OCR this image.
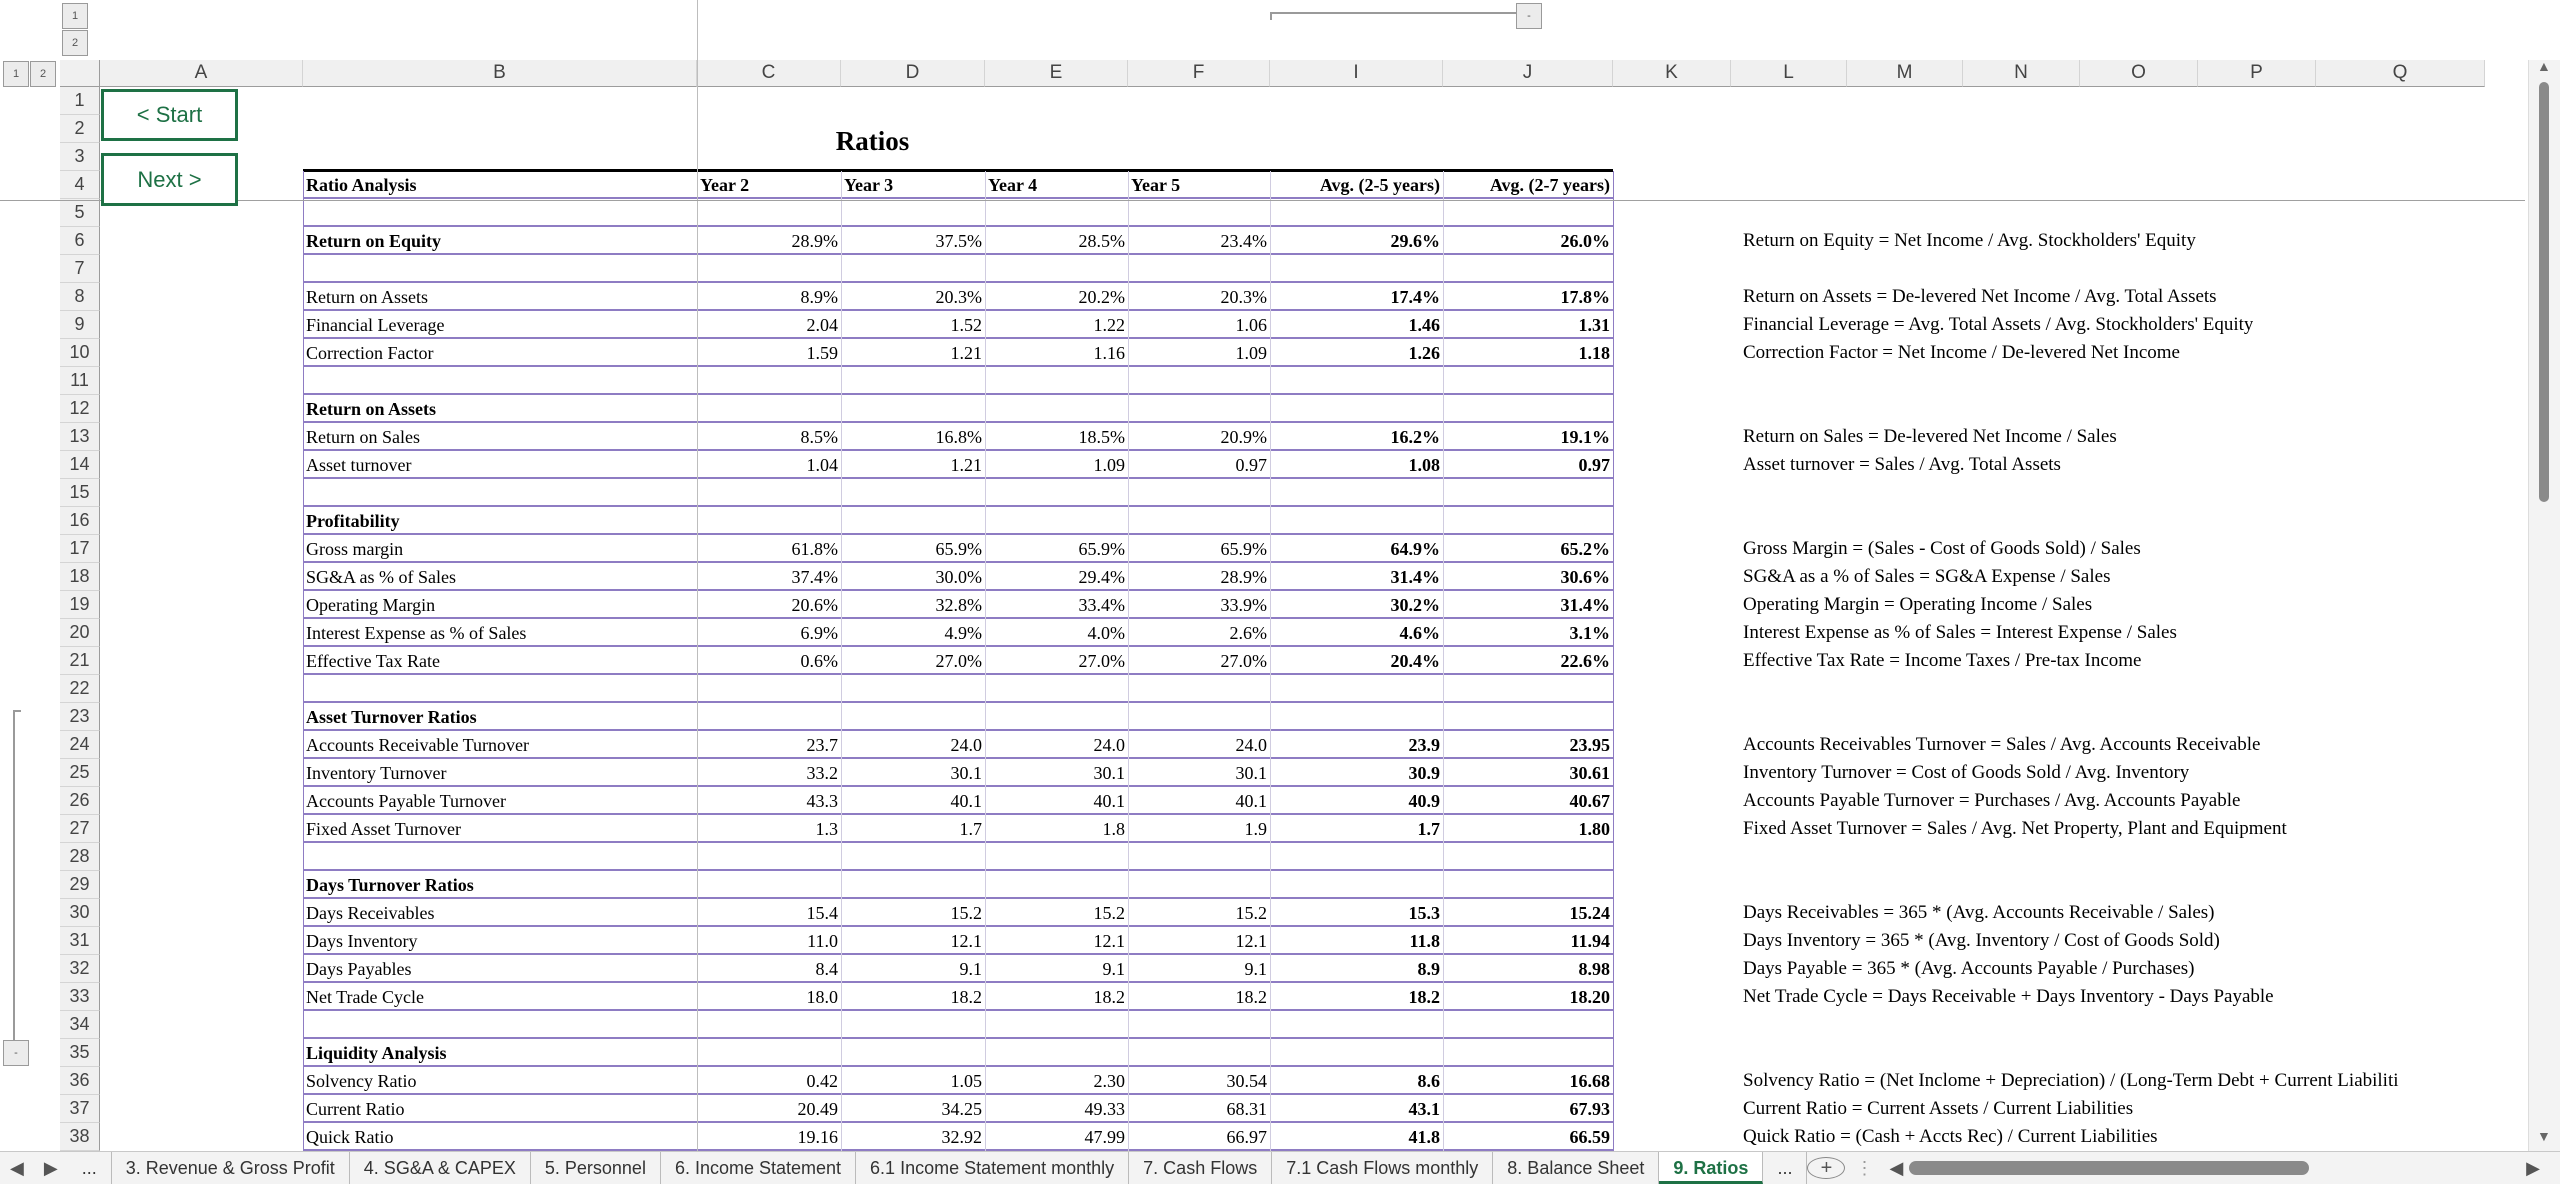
1
2
1	2
-
-
A	B	C	D	E	F	I	J	K	L	M	N	O	P	Q
1
2
3
4
5
6
7
8
9
10
11
12
13
14
15
16
17
18
19
20
21
22
23
24
25
26
27
28
29
30
31
32
33
34
35
36
37
38
Ratio Analysis	Year 2	Year 3	Year 4	Year 5	Avg. (2-5 years)	Avg. (2-7 years)
Return on Equity	28.9%	37.5%	28.5%	23.4%	29.6%	26.0%	Return on Equity = Net Income / Avg. Stockholders' Equity
Return on Assets	8.9%	20.3%	20.2%	20.3%	17.4%	17.8%	Return on Assets = De-levered Net Income / Avg. Total Assets
Financial Leverage	2.04	1.52	1.22	1.06	1.46	1.31	Financial Leverage = Avg. Total Assets / Avg. Stockholders' Equity
Correction Factor	1.59	1.21	1.16	1.09	1.26	1.18	Correction Factor = Net Income / De-levered Net Income
Return on Assets
Return on Sales	8.5%	16.8%	18.5%	20.9%	16.2%	19.1%	Return on Sales = De-levered Net Income / Sales
Asset turnover	1.04	1.21	1.09	0.97	1.08	0.97	Asset turnover = Sales / Avg. Total Assets
Profitability
Gross margin	61.8%	65.9%	65.9%	65.9%	64.9%	65.2%	Gross Margin = (Sales - Cost of Goods Sold) / Sales
SG&A as % of Sales	37.4%	30.0%	29.4%	28.9%	31.4%	30.6%	SG&A as a % of Sales = SG&A Expense / Sales
Operating Margin	20.6%	32.8%	33.4%	33.9%	30.2%	31.4%	Operating Margin = Operating Income / Sales
Interest Expense as % of Sales	6.9%	4.9%	4.0%	2.6%	4.6%	3.1%	Interest Expense as % of Sales = Interest Expense / Sales
Effective Tax Rate	0.6%	27.0%	27.0%	27.0%	20.4%	22.6%	Effective Tax Rate = Income Taxes / Pre-tax Income
Asset Turnover Ratios
Accounts Receivable Turnover	23.7	24.0	24.0	24.0	23.9	23.95	Accounts Receivables Turnover = Sales / Avg. Accounts Receivable
Inventory Turnover	33.2	30.1	30.1	30.1	30.9	30.61	Inventory Turnover = Cost of Goods Sold / Avg. Inventory
Accounts Payable Turnover	43.3	40.1	40.1	40.1	40.9	40.67	Accounts Payable Turnover = Purchases / Avg. Accounts Payable
Fixed Asset Turnover	1.3	1.7	1.8	1.9	1.7	1.80	Fixed Asset Turnover = Sales / Avg. Net Property, Plant and Equipment
Days Turnover Ratios
Days Receivables	15.4	15.2	15.2	15.2	15.3	15.24	Days Receivables = 365 * (Avg. Accounts Receivable / Sales)
Days Inventory	11.0	12.1	12.1	12.1	11.8	11.94	Days Inventory = 365 * (Avg. Inventory / Cost of Goods Sold)
Days Payables	8.4	9.1	9.1	9.1	8.9	8.98	Days Payable = 365 * (Avg. Accounts Payable / Purchases)
Net Trade Cycle	18.0	18.2	18.2	18.2	18.2	18.20	Net Trade Cycle = Days Receivable + Days Inventory - Days Payable
Liquidity Analysis
Solvency Ratio	0.42	1.05	2.30	30.54	8.6	16.68	Solvency Ratio = (Net Inclome + Depreciation) / (Long-Term Debt + Current Liabiliti
Current Ratio	20.49	34.25	49.33	68.31	43.1	67.93	Current Ratio = Current Assets / Current Liabilities
Quick Ratio	19.16	32.92	47.99	66.97	41.8	66.59	Quick Ratio = (Cash + Accts Rec) / Current Liabilities
< Start
Next >
Ratios
▲
▼
◀	▶	...	3. Revenue & Gross Profit	4. SG&A & CAPEX	5. Personnel	6. Income Statement	6.1 Income Statement monthly	7. Cash Flows	7.1 Cash Flows monthly	8. Balance Sheet	9. Ratios	...	+	⋮ ◀	▶
